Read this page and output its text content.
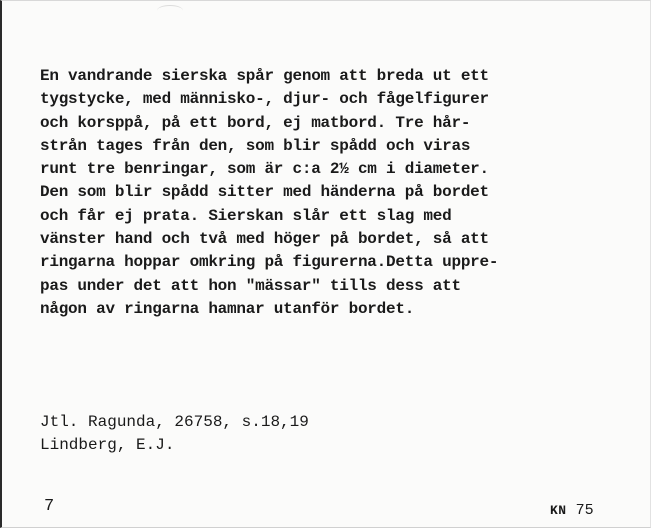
En vandrande sierska spår genom att breda ut ett
tygstycke, med människo-, djur- och fågelfigurer
och korsppå, på ett bord, ej matbord. Tre hår-
strån tages från den, som blir spådd och viras
runt tre benringar, som är c:a 2½ cm i diameter.
Den som blir spådd sitter med händerna på bordet
och får ej prata. Sierskan slår ett slag med
vänster hand och två med höger på bordet, så att
ringarna hoppar omkring på figurerna.Detta uppre-
pas under det att hon "mässar" tills dess att
någon av ringarna hamnar utanför bordet.
Jtl. Ragunda, 26758, s.18,19
Lindberg, E.J.
7	KN 75
